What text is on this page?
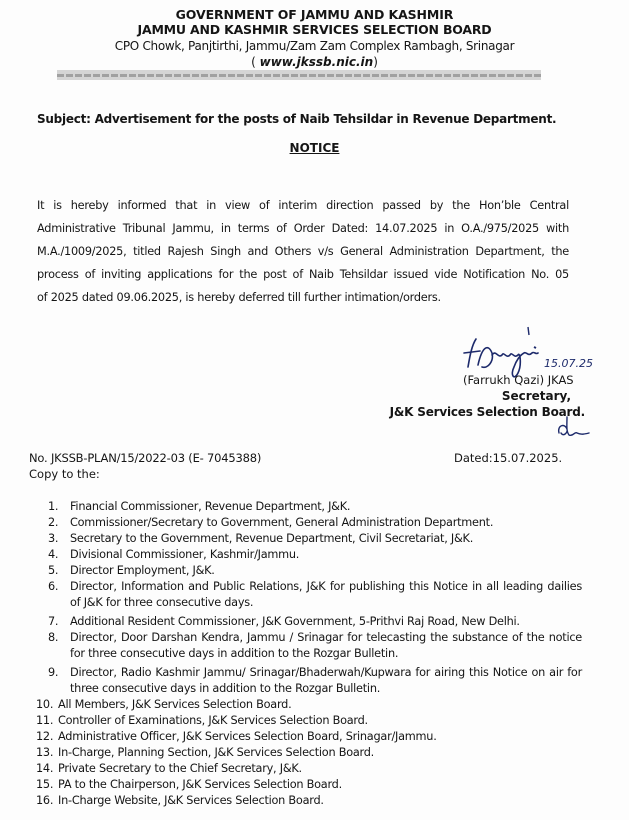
GOVERNMENT OF JAMMU AND KASHMIR
JAMMU AND KASHMIR SERVICES SELECTION BOARD
CPO Chowk, Panjtirthi, Jammu/Zam Zam Complex Rambagh, Srinagar
( www.jkssb.nic.in)
Subject: Advertisement for the posts of Naib Tehsildar in Revenue Department.
NOTICE
It is hereby informed that in view of interim direction passed by the Hon’ble Central
Administrative Tribunal Jammu, in terms of Order Dated: 14.07.2025 in O.A./975/2025 with
M.A./1009/2025, titled Rajesh Singh and Others v/s General Administration Department, the
process of inviting applications for the post of Naib Tehsildar issued vide Notification No. 05
of 2025 dated 09.06.2025, is hereby deferred till further intimation/orders.
15.07.25
(Farrukh Qazi) JKAS
Secretary,
J&K Services Selection Board.
No. JKSSB-PLAN/15/2022-03 (E- 7045388)	Dated:15.07.2025.
Copy to the:
1. Financial Commissioner, Revenue Department, J&K.
2. Commissioner/Secretary to Government, General Administration Department.
3. Secretary to the Government, Revenue Department, Civil Secretariat, J&K.
4. Divisional Commissioner, Kashmir/Jammu.
5. Director Employment, J&K.
6. Director, Information and Public Relations, J&K for publishing this Notice in all leading dailies of J&K for three consecutive days.
7. Additional Resident Commissioner, J&K Government, 5-Prithvi Raj Road, New Delhi.
8. Director, Door Darshan Kendra, Jammu / Srinagar for telecasting the substance of the notice for three consecutive days in addition to the Rozgar Bulletin.
9. Director, Radio Kashmir Jammu/ Srinagar/Bhaderwah/Kupwara for airing this Notice on air for three consecutive days in addition to the Rozgar Bulletin.
10. All Members, J&K Services Selection Board.
11. Controller of Examinations, J&K Services Selection Board.
12. Administrative Officer, J&K Services Selection Board, Srinagar/Jammu.
13. In-Charge, Planning Section, J&K Services Selection Board.
14. Private Secretary to the Chief Secretary, J&K.
15. PA to the Chairperson, J&K Services Selection Board.
16. In-Charge Website, J&K Services Selection Board.
